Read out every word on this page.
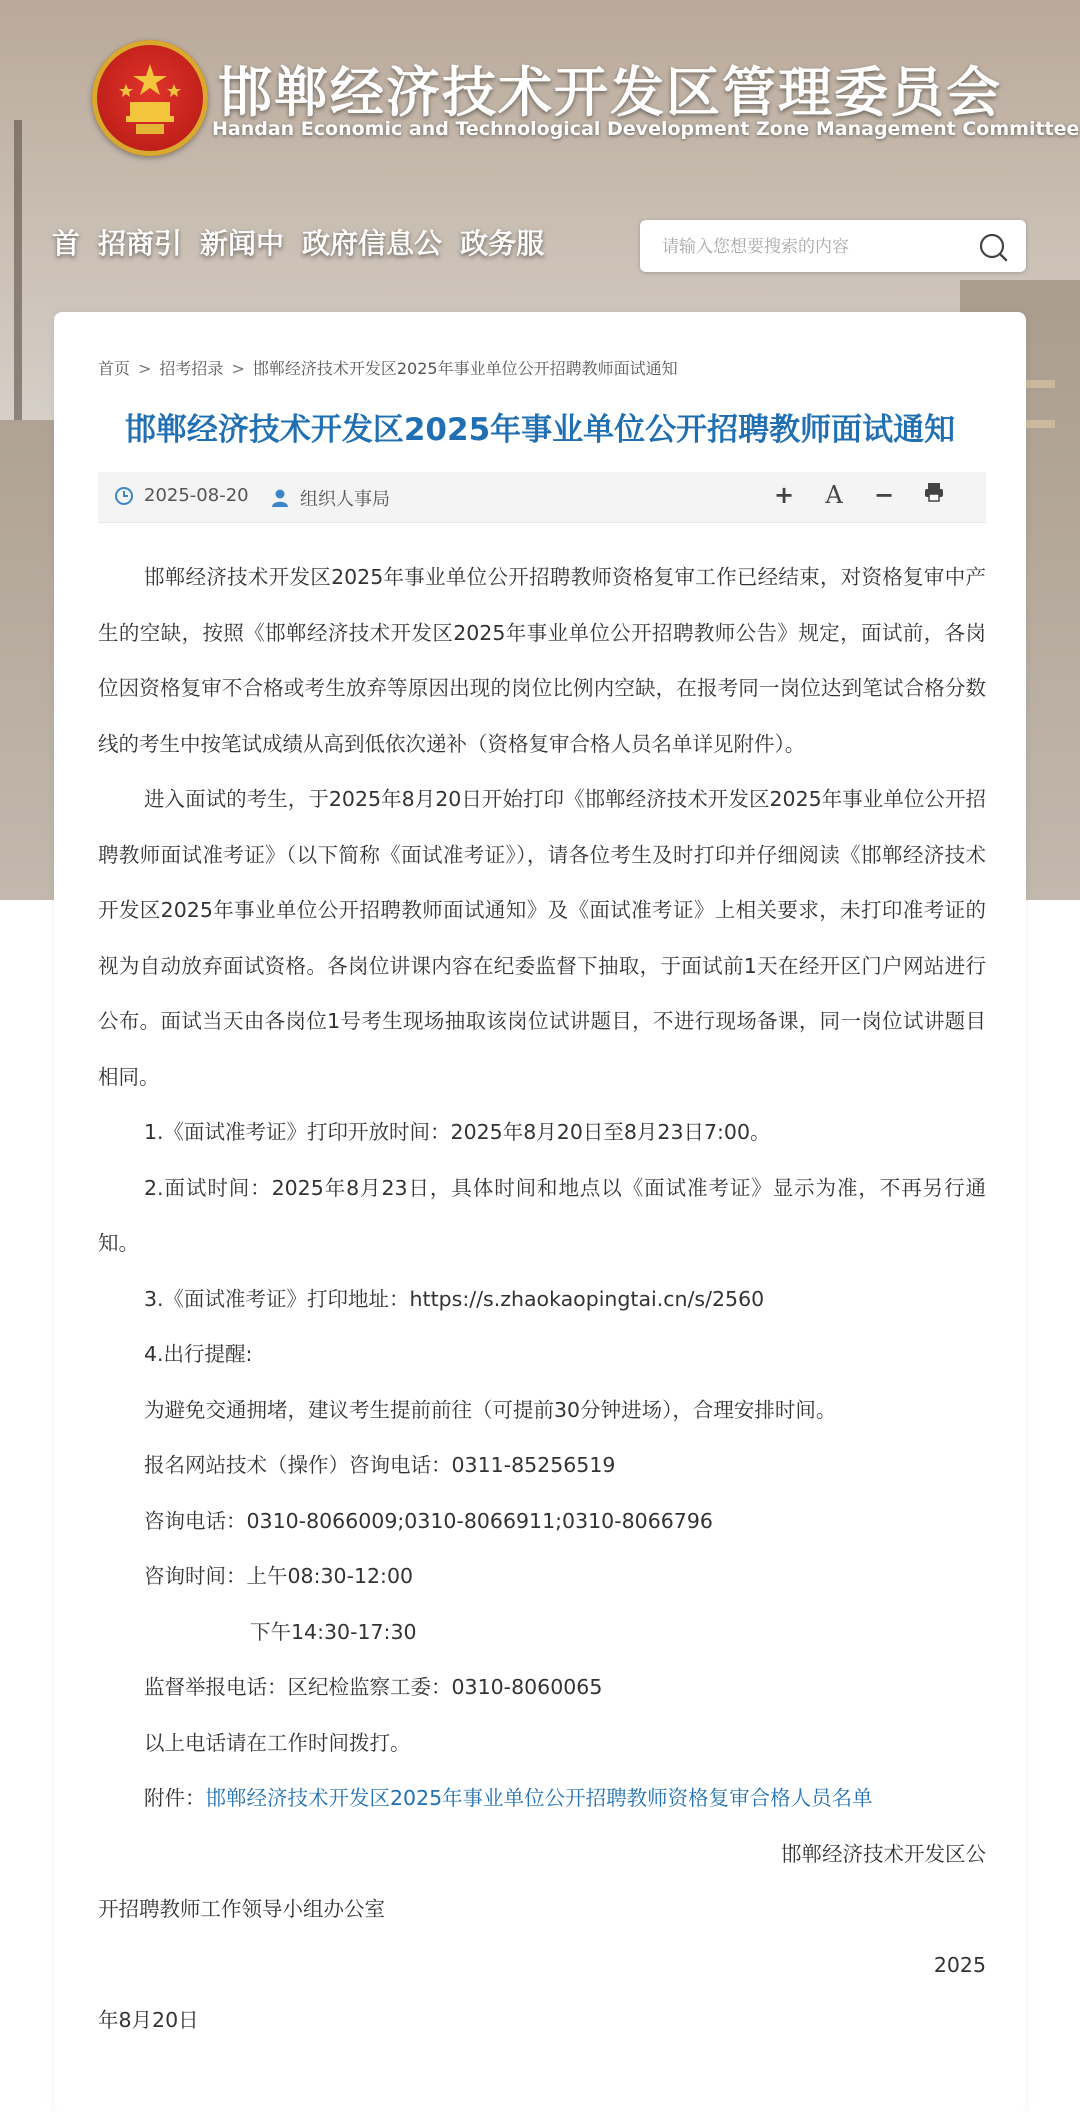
邯郸经济技术开发区管理委员会
Handan Economic and Technological Development Zone Management Committee
首 招商引 新闻中 政府信息公 政务服
请输入您想要搜索的内容
首页 > 招考招录 > 邯郸经济技术开发区2025年事业单位公开招聘教师面试通知
邯郸经济技术开发区2025年事业单位公开招聘教师面试通知
2025-08-20	组织人事局	+ A −

邯郸经济技术开发区2025年事业单位公开招聘教师资格复审工作已经结束，对资格复审中产生的空缺，按照《邯郸经济技术开发区2025年事业单位公开招聘教师公告》规定，面试前，各岗位因资格复审不合格或考生放弃等原因出现的岗位比例内空缺，在报考同一岗位达到笔试合格分数线的考生中按笔试成绩从高到低依次递补（资格复审合格人员名单详见附件）。

进入面试的考生，于2025年8月20日开始打印《邯郸经济技术开发区2025年事业单位公开招聘教师面试准考证》（以下简称《面试准考证》），请各位考生及时打印并仔细阅读《邯郸经济技术开发区2025年事业单位公开招聘教师面试通知》及《面试准考证》上相关要求，未打印准考证的视为自动放弃面试资格。各岗位讲课内容在纪委监督下抽取，于面试前1天在经开区门户网站进行公布。面试当天由各岗位1号考生现场抽取该岗位试讲题目，不进行现场备课，同一岗位试讲题目相同。

1.《面试准考证》打印开放时间：2025年8月20日至8月23日7:00。

2.面试时间：2025年8月23日，具体时间和地点以《面试准考证》显示为准，不再另行通知。

3.《面试准考证》打印地址：https://s.zhaokaopingtai.cn/s/2560

4.出行提醒:

为避免交通拥堵，建议考生提前前往（可提前30分钟进场），合理安排时间。

报名网站技术（操作）咨询电话：0311-85256519

咨询电话：0310-8066009;0310-8066911;0310-8066796

咨询时间：上午08:30-12:00

下午14:30-17:30

监督举报电话：区纪检监察工委：0310-8060065

以上电话请在工作时间拨打。

附件：邯郸经济技术开发区2025年事业单位公开招聘教师资格复审合格人员名单

邯郸经济技术开发区公

开招聘教师工作领导小组办公室

2025

年8月20日
